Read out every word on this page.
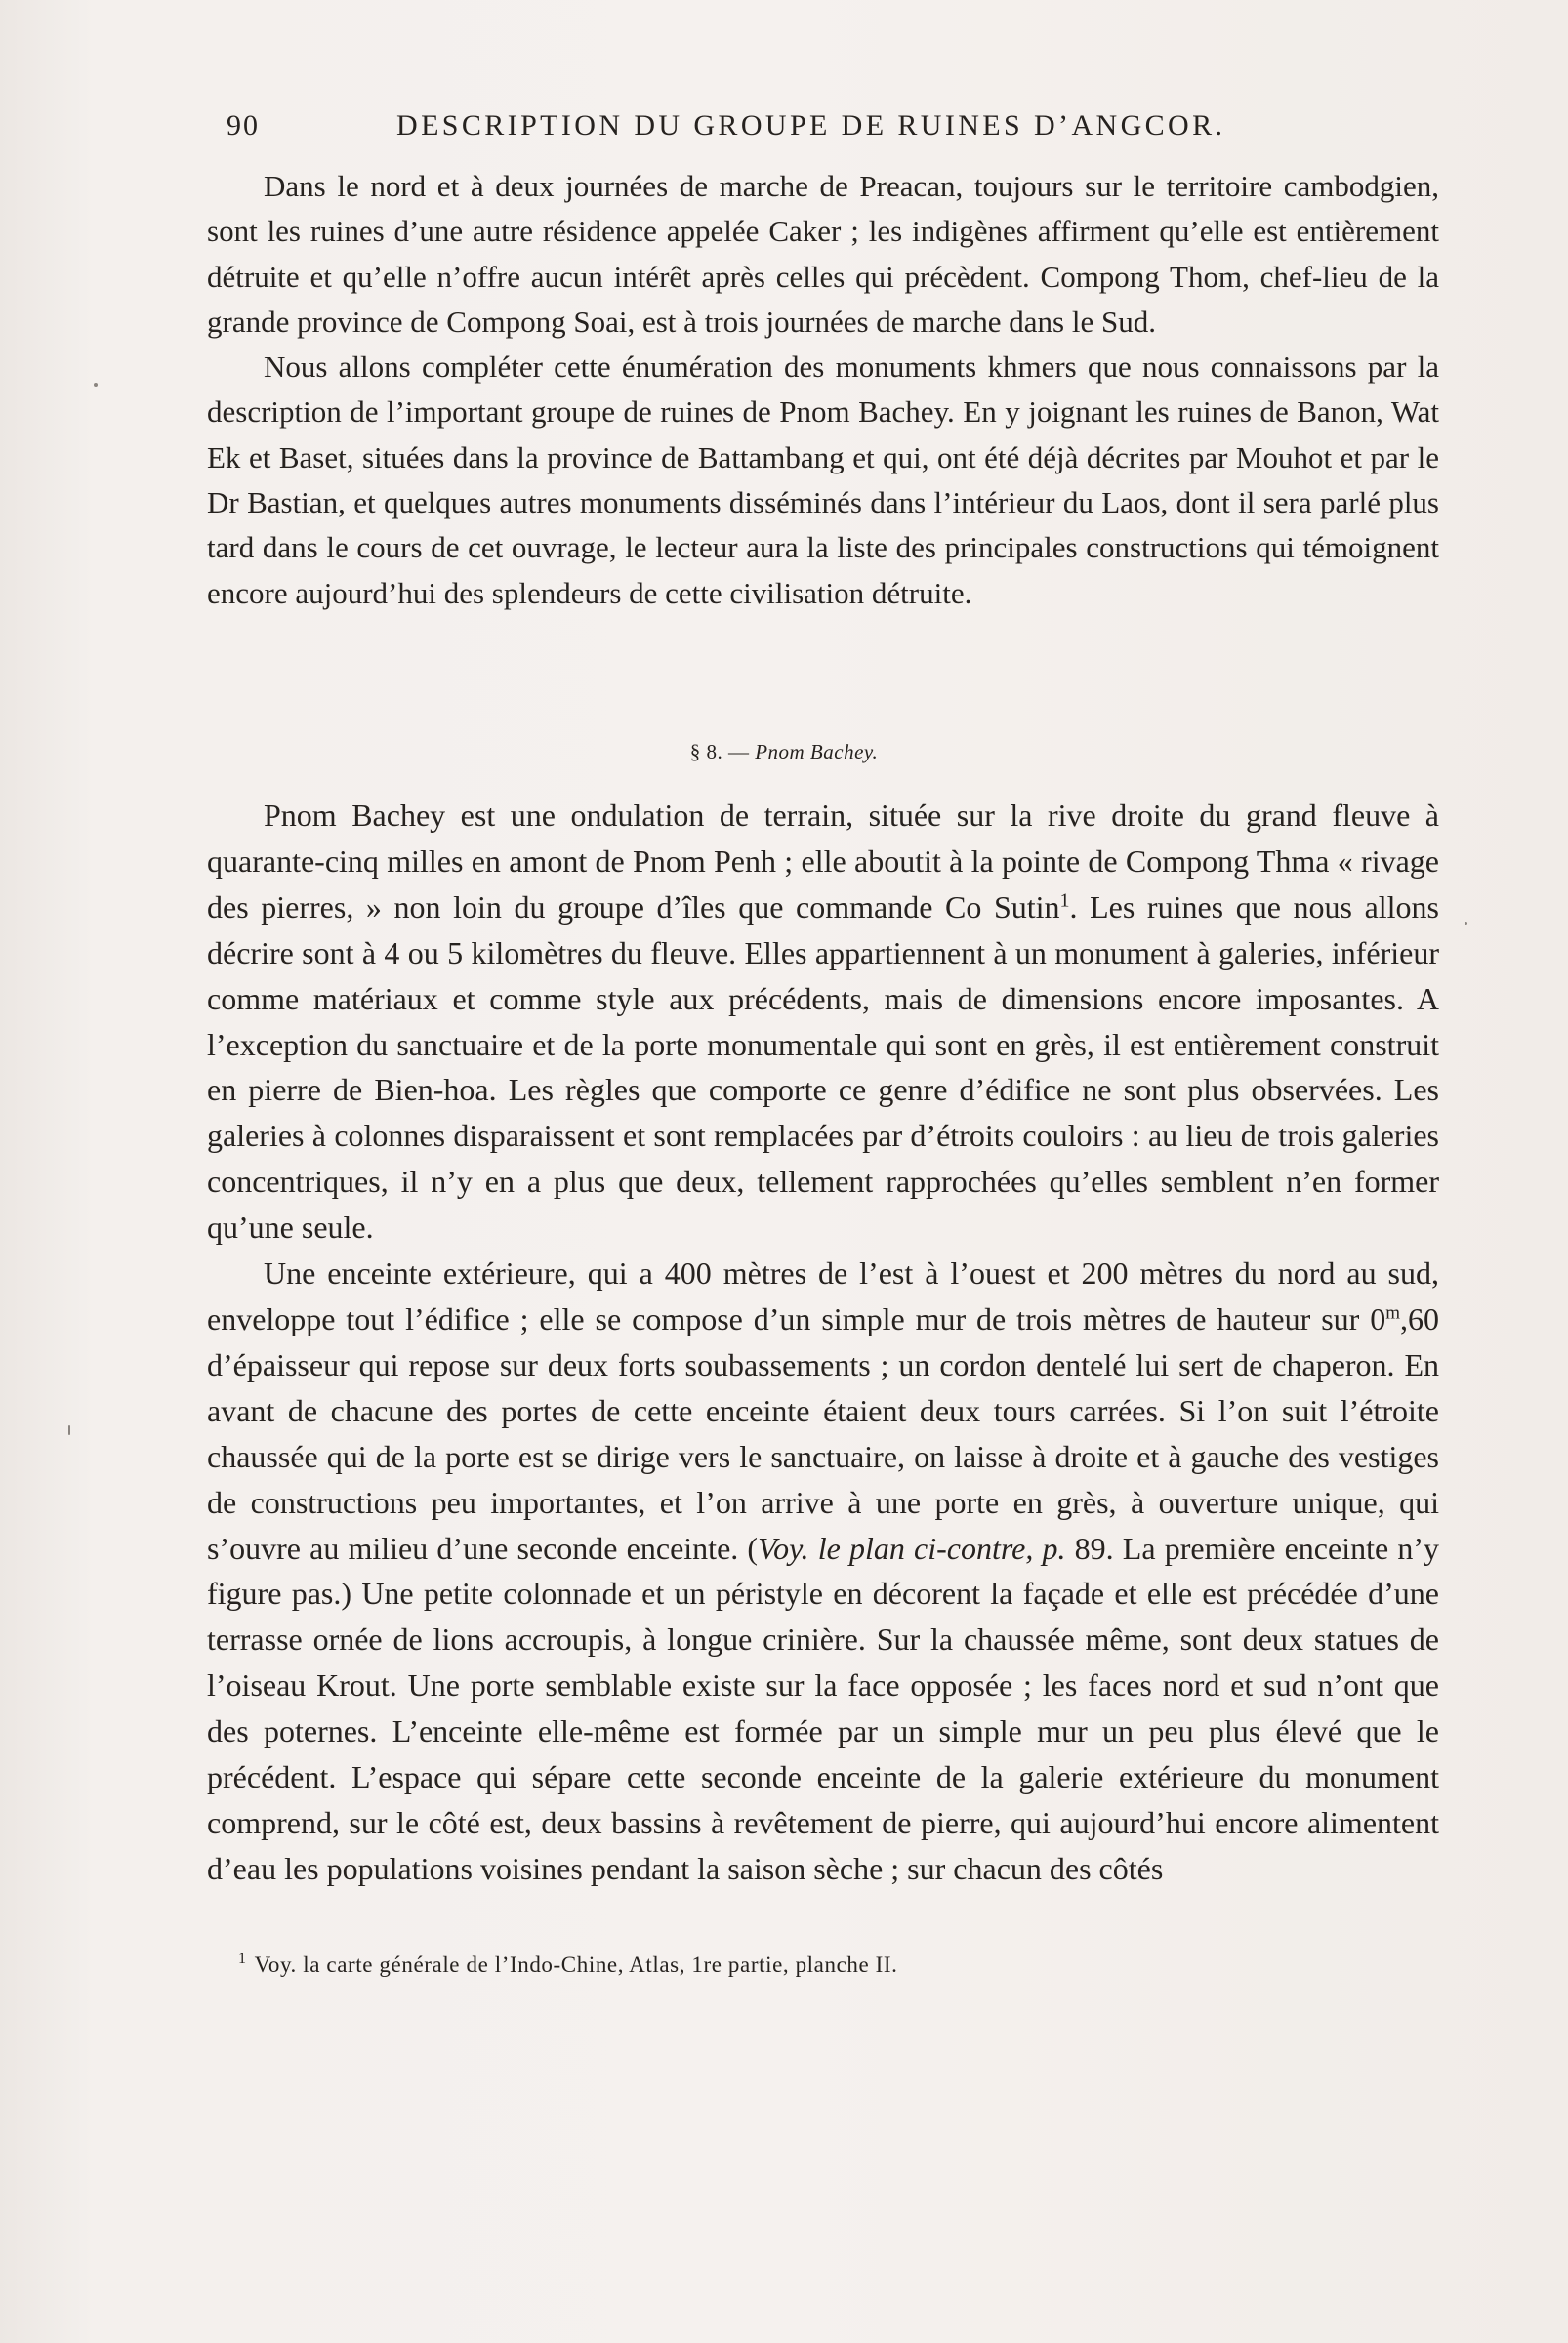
90	DESCRIPTION DU GROUPE DE RUINES D’ANGCOR.

Dans le nord et à deux journées de marche de Preacan, toujours sur le territoire cambodgien, sont les ruines d’une autre résidence appelée Caker ; les indigènes affirment qu’elle est entièrement détruite et qu’elle n’offre aucun intérêt après celles qui précèdent. Compong Thom, chef-lieu de la grande province de Compong Soai, est à trois journées de marche dans le Sud.

Nous allons compléter cette énumération des monuments khmers que nous connaissons par la description de l’important groupe de ruines de Pnom Bachey. En y joignant les ruines de Banon, Wat Ek et Baset, situées dans la province de Battambang et qui, ont été déjà décrites par Mouhot et par le Dr Bastian, et quelques autres monuments disséminés dans l’intérieur du Laos, dont il sera parlé plus tard dans le cours de cet ouvrage, le lecteur aura la liste des principales constructions qui témoignent encore aujourd’hui des splendeurs de cette civilisation détruite.

§ 8. — Pnom Bachey.

Pnom Bachey est une ondulation de terrain, située sur la rive droite du grand fleuve à quarante-cinq milles en amont de Pnom Penh ; elle aboutit à la pointe de Compong Thma « rivage des pierres, » non loin du groupe d’îles que commande Co Sutin$^1$. Les ruines que nous allons décrire sont à 4 ou 5 kilomètres du fleuve. Elles appartiennent à un monument à galeries, inférieur comme matériaux et comme style aux précédents, mais de dimensions encore imposantes. A l’exception du sanctuaire et de la porte monumentale qui sont en grès, il est entièrement construit en pierre de Bien-hoa. Les règles que comporte ce genre d’édifice ne sont plus observées. Les galeries à colonnes disparaissent et sont remplacées par d’étroits couloirs : au lieu de trois galeries concentriques, il n’y en a plus que deux, tellement rapprochées qu’elles semblent n’en former qu’une seule.

Une enceinte extérieure, qui a 400 mètres de l’est à l’ouest et 200 mètres du nord au sud, enveloppe tout l’édifice ; elle se compose d’un simple mur de trois mètres de hauteur sur 0$^m$,60 d’épaisseur qui repose sur deux forts soubassements ; un cordon dentelé lui sert de chaperon. En avant de chacune des portes de cette enceinte étaient deux tours carrées. Si l’on suit l’étroite chaussée qui de la porte est se dirige vers le sanctuaire, on laisse à droite et à gauche des vestiges de constructions peu importantes, et l’on arrive à une porte en grès, à ouverture unique, qui s’ouvre au milieu d’une seconde enceinte. (Voy. le plan ci-contre, p. 89. La première enceinte n’y figure pas.) Une petite colonnade et un péristyle en décorent la façade et elle est précédée d’une terrasse ornée de lions accroupis, à longue crinière. Sur la chaussée même, sont deux statues de l’oiseau Krout. Une porte semblable existe sur la face opposée ; les faces nord et sud n’ont que des poternes. L’enceinte elle-même est formée par un simple mur un peu plus élevé que le précédent. L’espace qui sépare cette seconde enceinte de la galerie extérieure du monument comprend, sur le côté est, deux bassins à revêtement de pierre, qui aujourd’hui encore alimentent d’eau les populations voisines pendant la saison sèche ; sur chacun des côtés

$^1$ Voy. la carte générale de l’Indo-Chine, Atlas, 1re partie, planche II.
